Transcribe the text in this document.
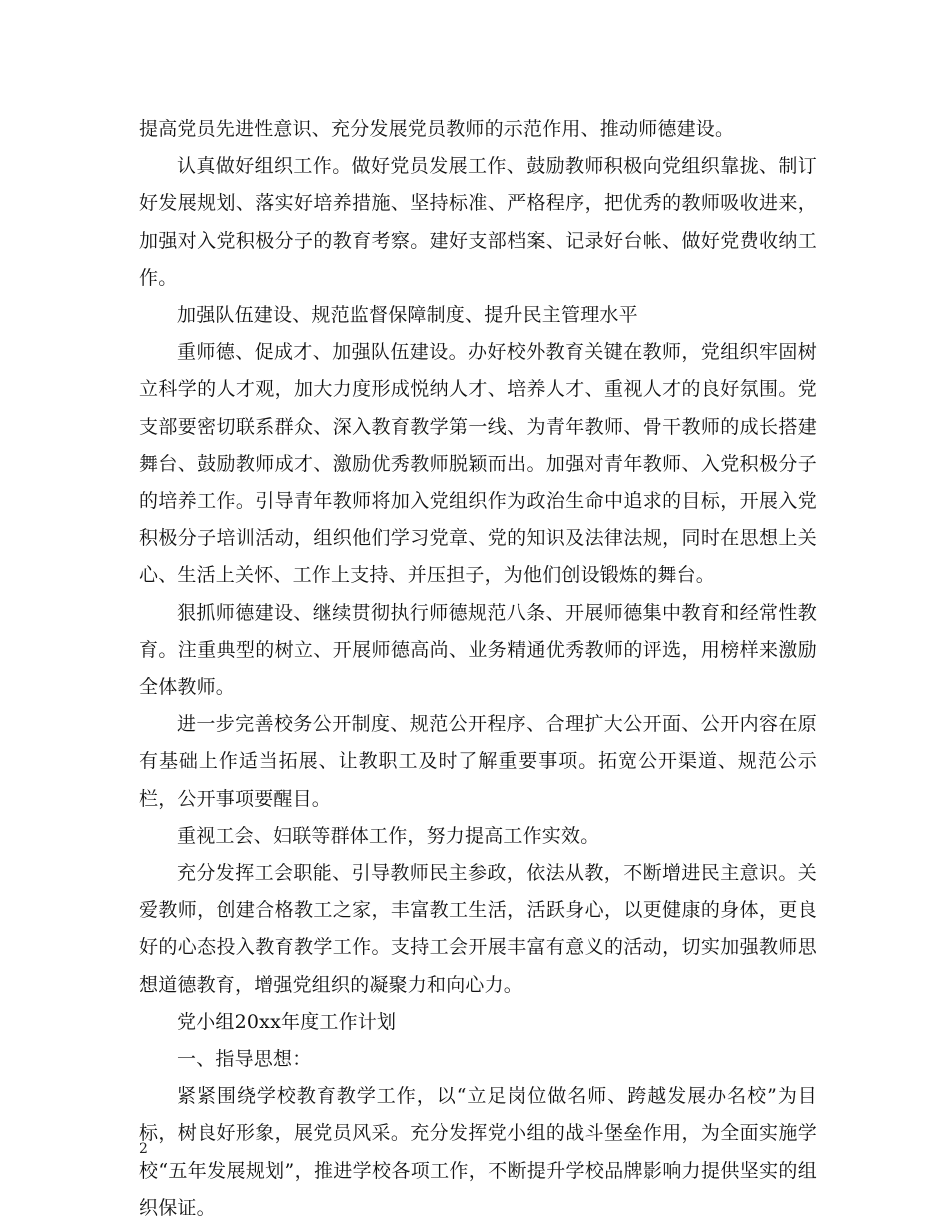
提高党员先进性意识、充分发展党员教师的示范作用、推动师德建设。

认真做好组织工作。做好党员发展工作、鼓励教师积极向党组织靠拢、制订好发展规划、落实好培养措施、坚持标准、严格程序，把优秀的教师吸收进来，加强对入党积极分子的教育考察。建好支部档案、记录好台帐、做好党费收纳工作。

加强队伍建设、规范监督保障制度、提升民主管理水平

重师德、促成才、加强队伍建设。办好校外教育关键在教师，党组织牢固树立科学的人才观，加大力度形成悦纳人才、培养人才、重视人才的良好氛围。党支部要密切联系群众、深入教育教学第一线、为青年教师、骨干教师的成长搭建舞台、鼓励教师成才、激励优秀教师脱颖而出。加强对青年教师、入党积极分子的培养工作。引导青年教师将加入党组织作为政治生命中追求的目标，开展入党积极分子培训活动，组织他们学习党章、党的知识及法律法规，同时在思想上关心、生活上关怀、工作上支持、并压担子，为他们创设锻炼的舞台。

狠抓师德建设、继续贯彻执行师德规范八条、开展师德集中教育和经常性教育。注重典型的树立、开展师德高尚、业务精通优秀教师的评选，用榜样来激励全体教师。

进一步完善校务公开制度、规范公开程序、合理扩大公开面、公开内容在原有基础上作适当拓展、让教职工及时了解重要事项。拓宽公开渠道、规范公示栏，公开事项要醒目。

重视工会、妇联等群体工作，努力提高工作实效。

充分发挥工会职能、引导教师民主参政，依法从教，不断增进民主意识。关爱教师，创建合格教工之家，丰富教工生活，活跃身心，以更健康的身体，更良好的心态投入教育教学工作。支持工会开展丰富有意义的活动，切实加强教师思想道德教育，增强党组织的凝聚力和向心力。

党小组20xx年度工作计划

一、指导思想：

紧紧围绕学校教育教学工作，以“立足岗位做名师、跨越发展办名校”为目标，树良好形象，展党员风采。充分发挥党小组的战斗堡垒作用，为全面实施学校“五年发展规划”，推进学校各项工作，不断提升学校品牌影响力提供坚实的组织保证。

2
